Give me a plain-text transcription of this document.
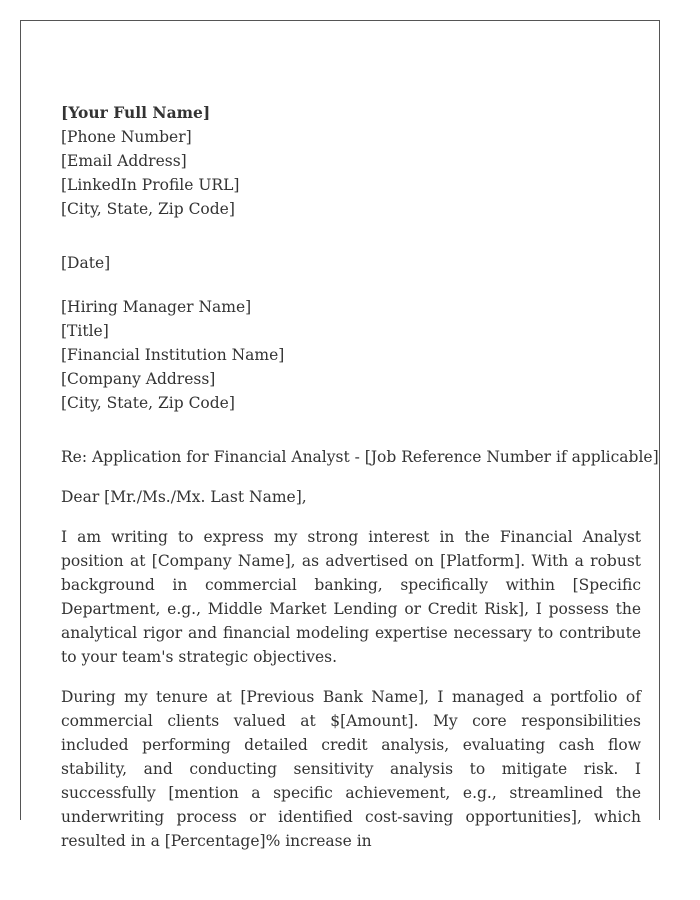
[Your Full Name]
[Phone Number]
[Email Address]
[LinkedIn Profile URL]
[City, State, Zip Code]
[Date]
[Hiring Manager Name]
[Title]
[Financial Institution Name]
[Company Address]
[City, State, Zip Code]
Re: Application for Financial Analyst - [Job Reference Number if applicable]
Dear [Mr./Ms./Mx. Last Name],

I am writing to express my strong interest in the Financial Analyst position at [Company Name], as advertised on [Platform]. With a robust background in commercial banking, specifically within [Specific Department, e.g., Middle Market Lending or Credit Risk], I possess the analytical rigor and financial modeling expertise necessary to contribute to your team's strategic objectives.

During my tenure at [Previous Bank Name], I managed a portfolio of commercial clients valued at $[Amount]. My core responsibilities included performing detailed credit analysis, evaluating cash flow stability, and conducting sensitivity analysis to mitigate risk. I successfully [mention a specific achievement, e.g., streamlined the underwriting process or identified cost-saving opportunities], which resulted in a [Percentage]% increase in
